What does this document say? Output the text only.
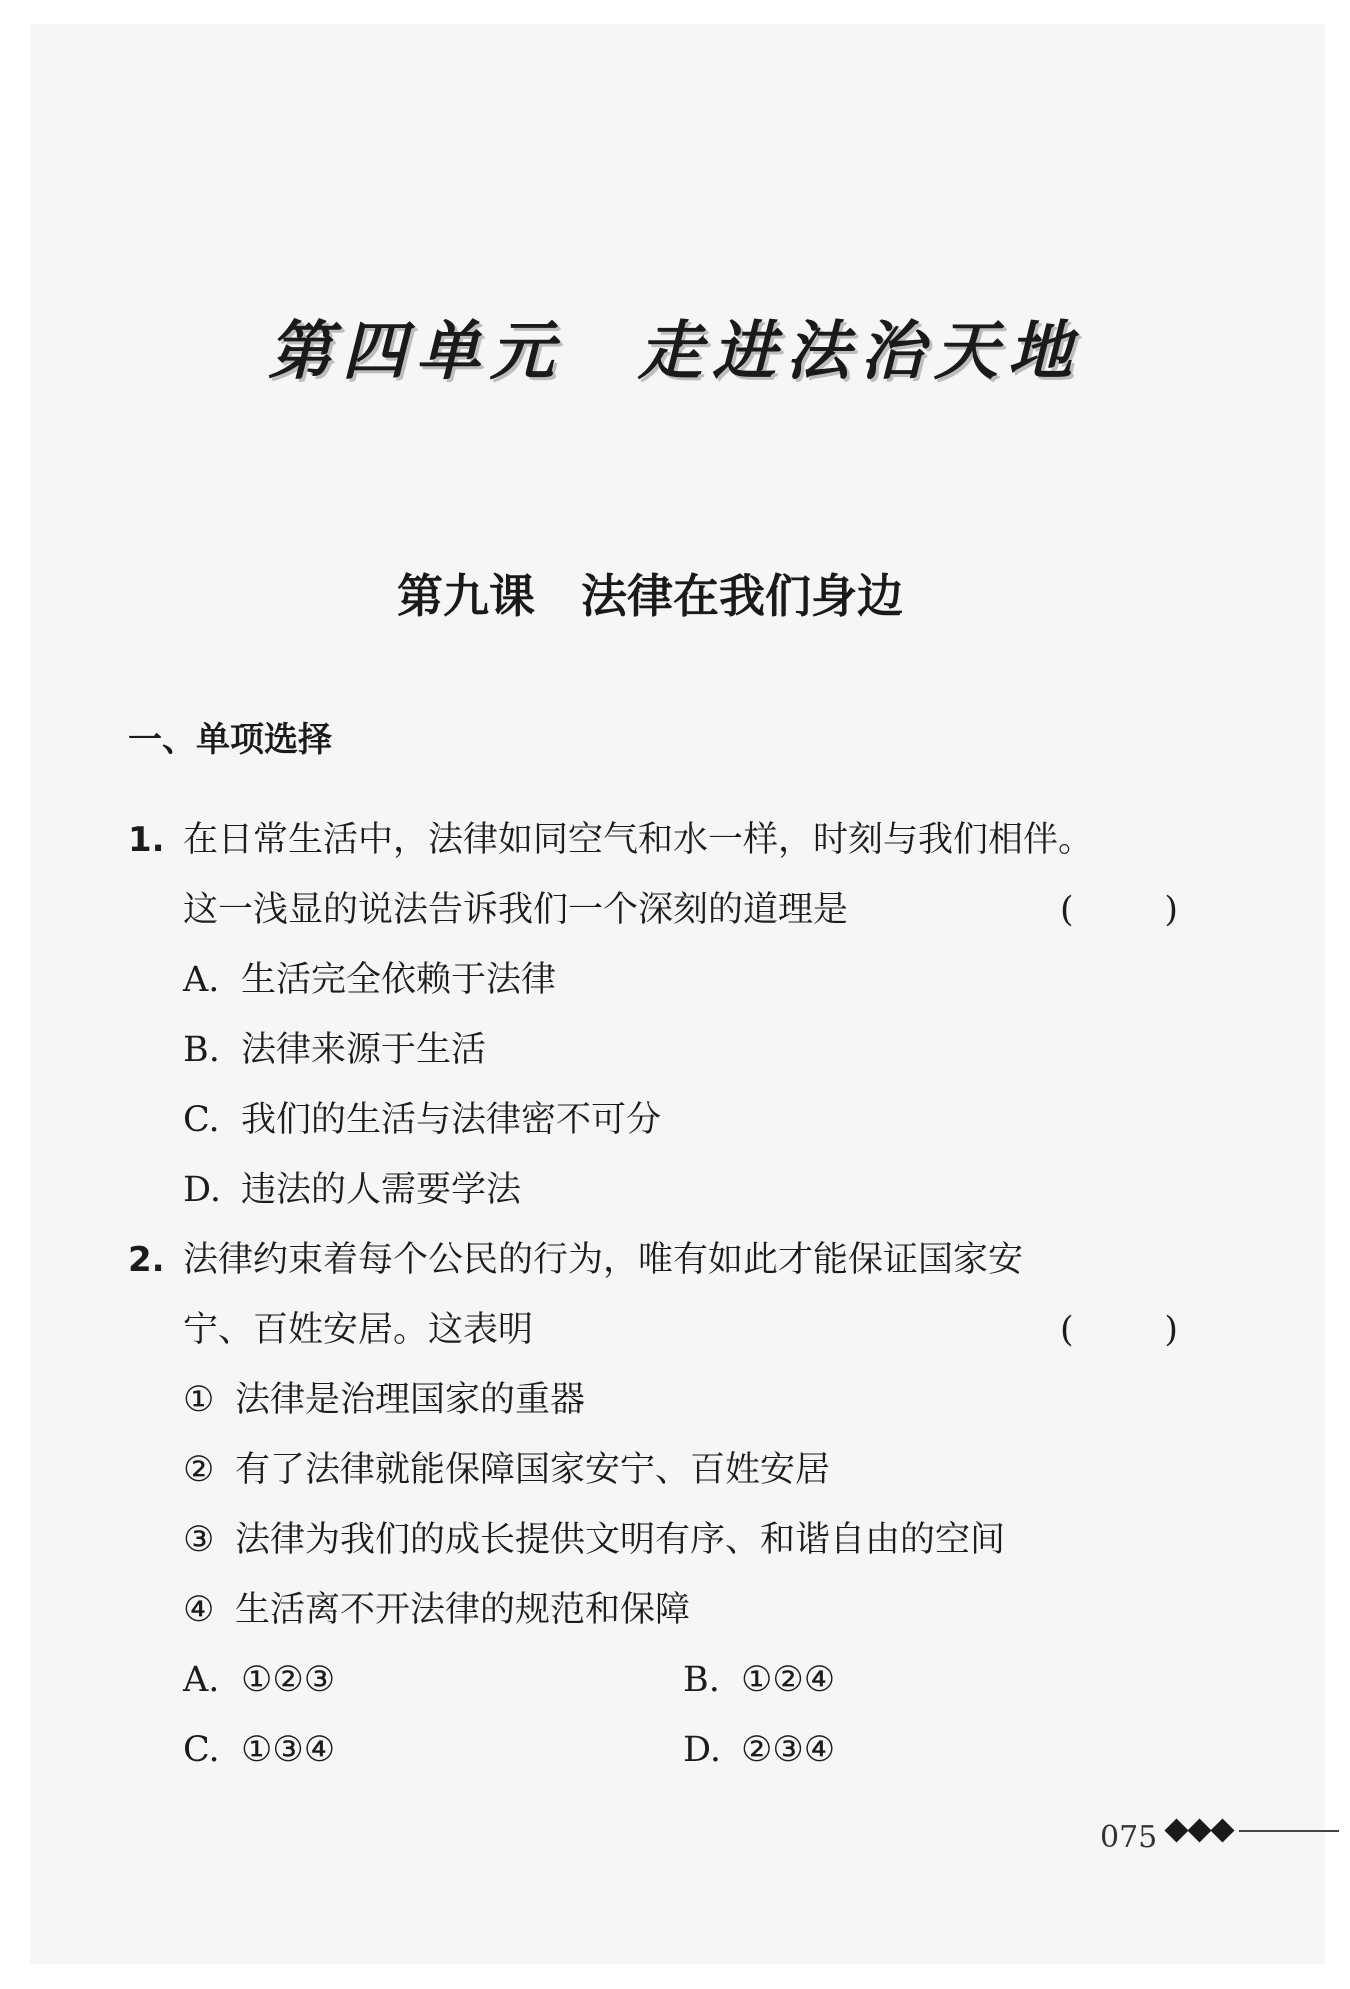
第四单元　走进法治天地
第九课　法律在我们身边
一、单项选择
1. 在日常生活中，法律如同空气和水一样，时刻与我们相伴。
这一浅显的说法告诉我们一个深刻的道理是	(	)
A. 生活完全依赖于法律
B. 法律来源于生活
C. 我们的生活与法律密不可分
D. 违法的人需要学法
2. 法律约束着每个公民的行为，唯有如此才能保证国家安
宁、百姓安居。这表明	(	)
① 法律是治理国家的重器
② 有了法律就能保障国家安宁、百姓安居
③ 法律为我们的成长提供文明有序、和谐自由的空间
④ 生活离不开法律的规范和保障
A. ①②③	B. ①②④
C. ①③④	D. ②③④
075
